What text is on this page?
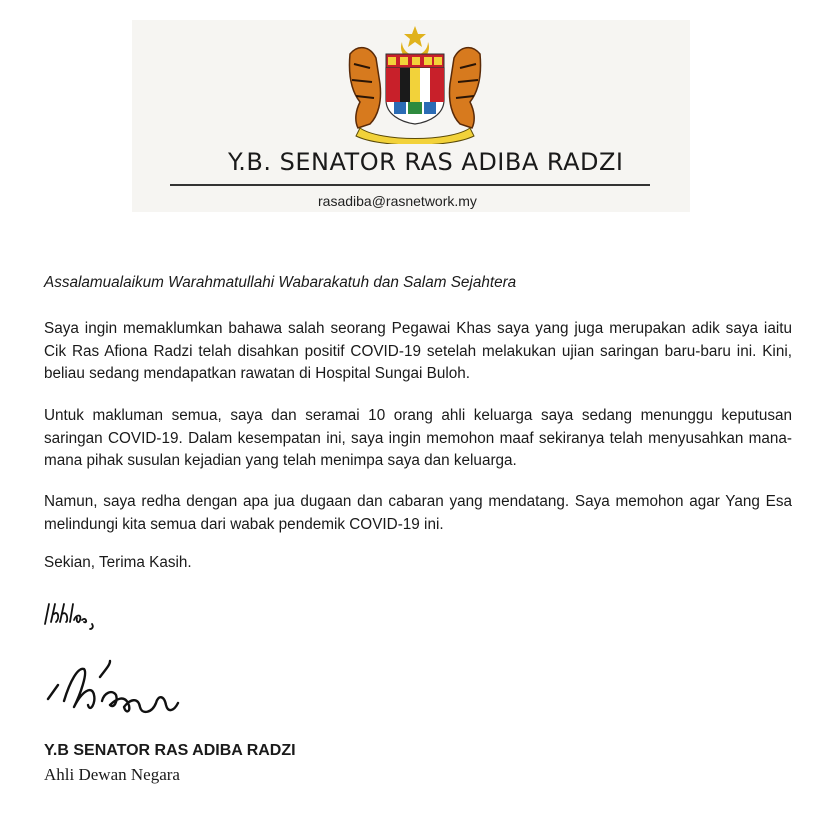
Y.B. SENATOR RAS ADIBA RADZI
rasadiba@rasnetwork.my

Assalamualaikum Warahmatullahi Wabarakatuh dan Salam Sejahtera

Saya ingin memaklumkan bahawa salah seorang Pegawai Khas saya yang juga merupakan adik saya iaitu Cik Ras Afiona Radzi telah disahkan positif COVID-19 setelah melakukan ujian saringan baru-baru ini. Kini, beliau sedang mendapatkan rawatan di Hospital Sungai Buloh.

Untuk makluman semua, saya dan seramai 10 orang ahli keluarga saya sedang menunggu keputusan saringan COVID-19. Dalam kesempatan ini, saya ingin memohon maaf sekiranya telah menyusahkan mana-mana pihak susulan kejadian yang telah menimpa saya dan keluarga.

Namun, saya redha dengan apa jua dugaan dan cabaran yang mendatang. Saya memohon agar Yang Esa melindungi kita semua dari wabak pendemik COVID-19 ini.

Sekian, Terima Kasih.

Y.B SENATOR RAS ADIBA RADZI
Ahli Dewan Negara
